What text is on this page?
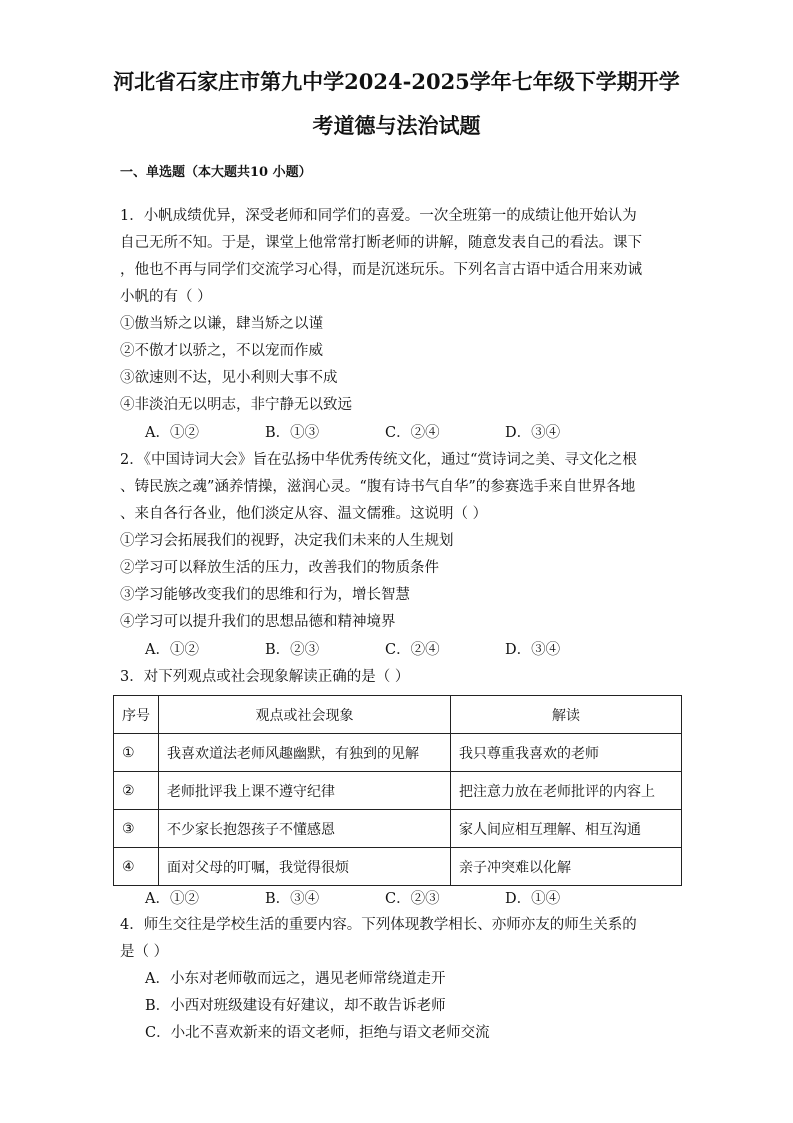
河北省石家庄市第九中学2024-2025学年七年级下学期开学
考道德与法治试题
一、单选题（本大题共10 小题）
1．小帆成绩优异，深受老师和同学们的喜爱。一次全班第一的成绩让他开始认为
自己无所不知。于是，课堂上他常常打断老师的讲解，随意发表自己的看法。课下
，他也不再与同学们交流学习心得，而是沉迷玩乐。下列名言古语中适合用来劝诫
小帆的有（ ）
①傲当矫之以谦，肆当矫之以谨
②不傲才以骄之，不以宠而作威
③欲速则不达，见小利则大事不成
④非淡泊无以明志，非宁静无以致远
A．①②	B．①③	C．②④	D．③④
2．《中国诗词大会》旨在弘扬中华优秀传统文化，通过“赏诗词之美、寻文化之根
、铸民族之魂”涵养情操，滋润心灵。“腹有诗书气自华”的参赛选手来自世界各地
、来自各行各业，他们淡定从容、温文儒雅。这说明（ ）
①学习会拓展我们的视野，决定我们未来的人生规划
②学习可以释放生活的压力，改善我们的物质条件
③学习能够改变我们的思维和行为，增长智慧
④学习可以提升我们的思想品德和精神境界
A．①②	B．②③	C．②④	D．③④
3．对下列观点或社会现象解读正确的是（ ）
序号	观点或社会现象	解读
①	我喜欢道法老师风趣幽默，有独到的见解	我只尊重我喜欢的老师
②	老师批评我上课不遵守纪律	把注意力放在老师批评的内容上
③	不少家长抱怨孩子不懂感恩	家人间应相互理解、相互沟通
④	面对父母的叮嘱，我觉得很烦	亲子冲突难以化解
A．①②	B．③④	C．②③	D．①④
4．师生交往是学校生活的重要内容。下列体现教学相长、亦师亦友的师生关系的
是（ ）
A．小东对老师敬而远之，遇见老师常绕道走开
B．小西对班级建设有好建议，却不敢告诉老师
C．小北不喜欢新来的语文老师，拒绝与语文老师交流
